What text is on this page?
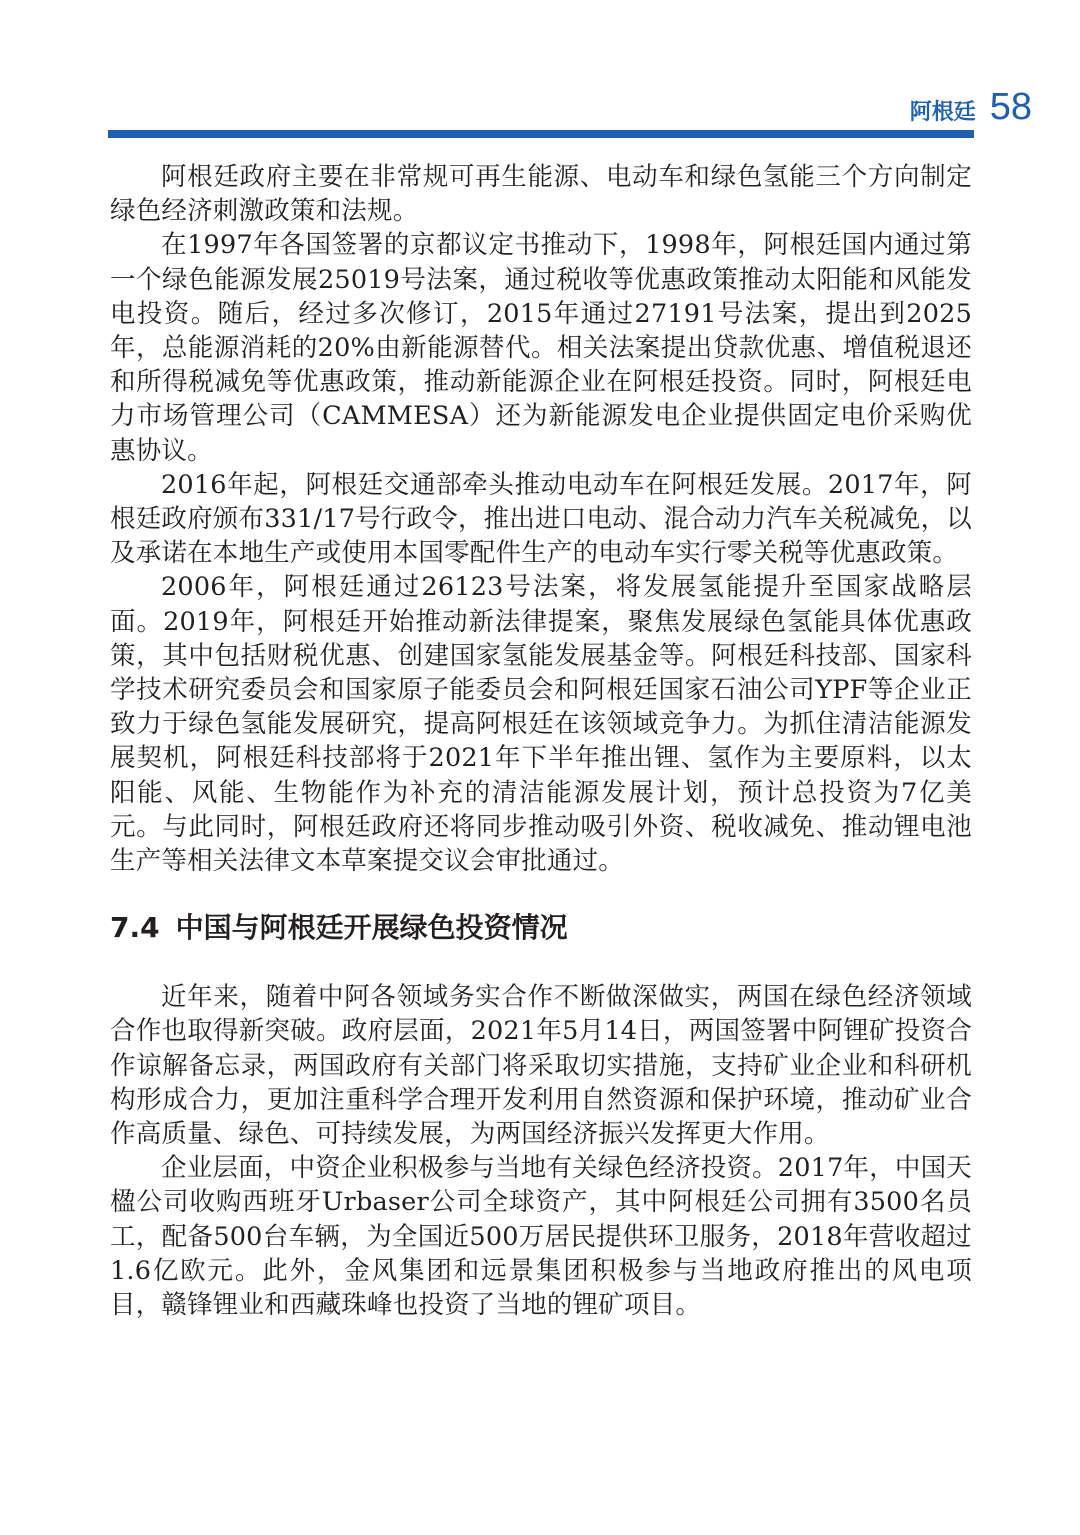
阿根廷 58

阿根廷政府主要在非常规可再生能源、电动车和绿色氢能三个方向制定绿色经济刺激政策和法规。

在1997年各国签署的京都议定书推动下，1998年，阿根廷国内通过第一个绿色能源发展25019号法案，通过税收等优惠政策推动太阳能和风能发电投资。随后，经过多次修订，2015年通过27191号法案，提出到2025年，总能源消耗的20%由新能源替代。相关法案提出贷款优惠、增值税退还和所得税减免等优惠政策，推动新能源企业在阿根廷投资。同时，阿根廷电力市场管理公司（CAMMESA）还为新能源发电企业提供固定电价采购优惠协议。

2016年起，阿根廷交通部牵头推动电动车在阿根廷发展。2017年，阿根廷政府颁布331/17号行政令，推出进口电动、混合动力汽车关税减免，以及承诺在本地生产或使用本国零配件生产的电动车实行零关税等优惠政策。

2006年，阿根廷通过26123号法案，将发展氢能提升至国家战略层面。2019年，阿根廷开始推动新法律提案，聚焦发展绿色氢能具体优惠政策，其中包括财税优惠、创建国家氢能发展基金等。阿根廷科技部、国家科学技术研究委员会和国家原子能委员会和阿根廷国家石油公司YPF等企业正致力于绿色氢能发展研究，提高阿根廷在该领域竞争力。为抓住清洁能源发展契机，阿根廷科技部将于2021年下半年推出锂、氢作为主要原料，以太阳能、风能、生物能作为补充的清洁能源发展计划，预计总投资为7亿美元。与此同时，阿根廷政府还将同步推动吸引外资、税收减免、推动锂电池生产等相关法律文本草案提交议会审批通过。

7.4 中国与阿根廷开展绿色投资情况

近年来，随着中阿各领域务实合作不断做深做实，两国在绿色经济领域合作也取得新突破。政府层面，2021年5月14日，两国签署中阿锂矿投资合作谅解备忘录，两国政府有关部门将采取切实措施，支持矿业企业和科研机构形成合力，更加注重科学合理开发利用自然资源和保护环境，推动矿业合作高质量、绿色、可持续发展，为两国经济振兴发挥更大作用。

企业层面，中资企业积极参与当地有关绿色经济投资。2017年，中国天楹公司收购西班牙Urbaser公司全球资产，其中阿根廷公司拥有3500名员工，配备500台车辆，为全国近500万居民提供环卫服务，2018年营收超过1.6亿欧元。此外，金风集团和远景集团积极参与当地政府推出的风电项目，赣锋锂业和西藏珠峰也投资了当地的锂矿项目。
